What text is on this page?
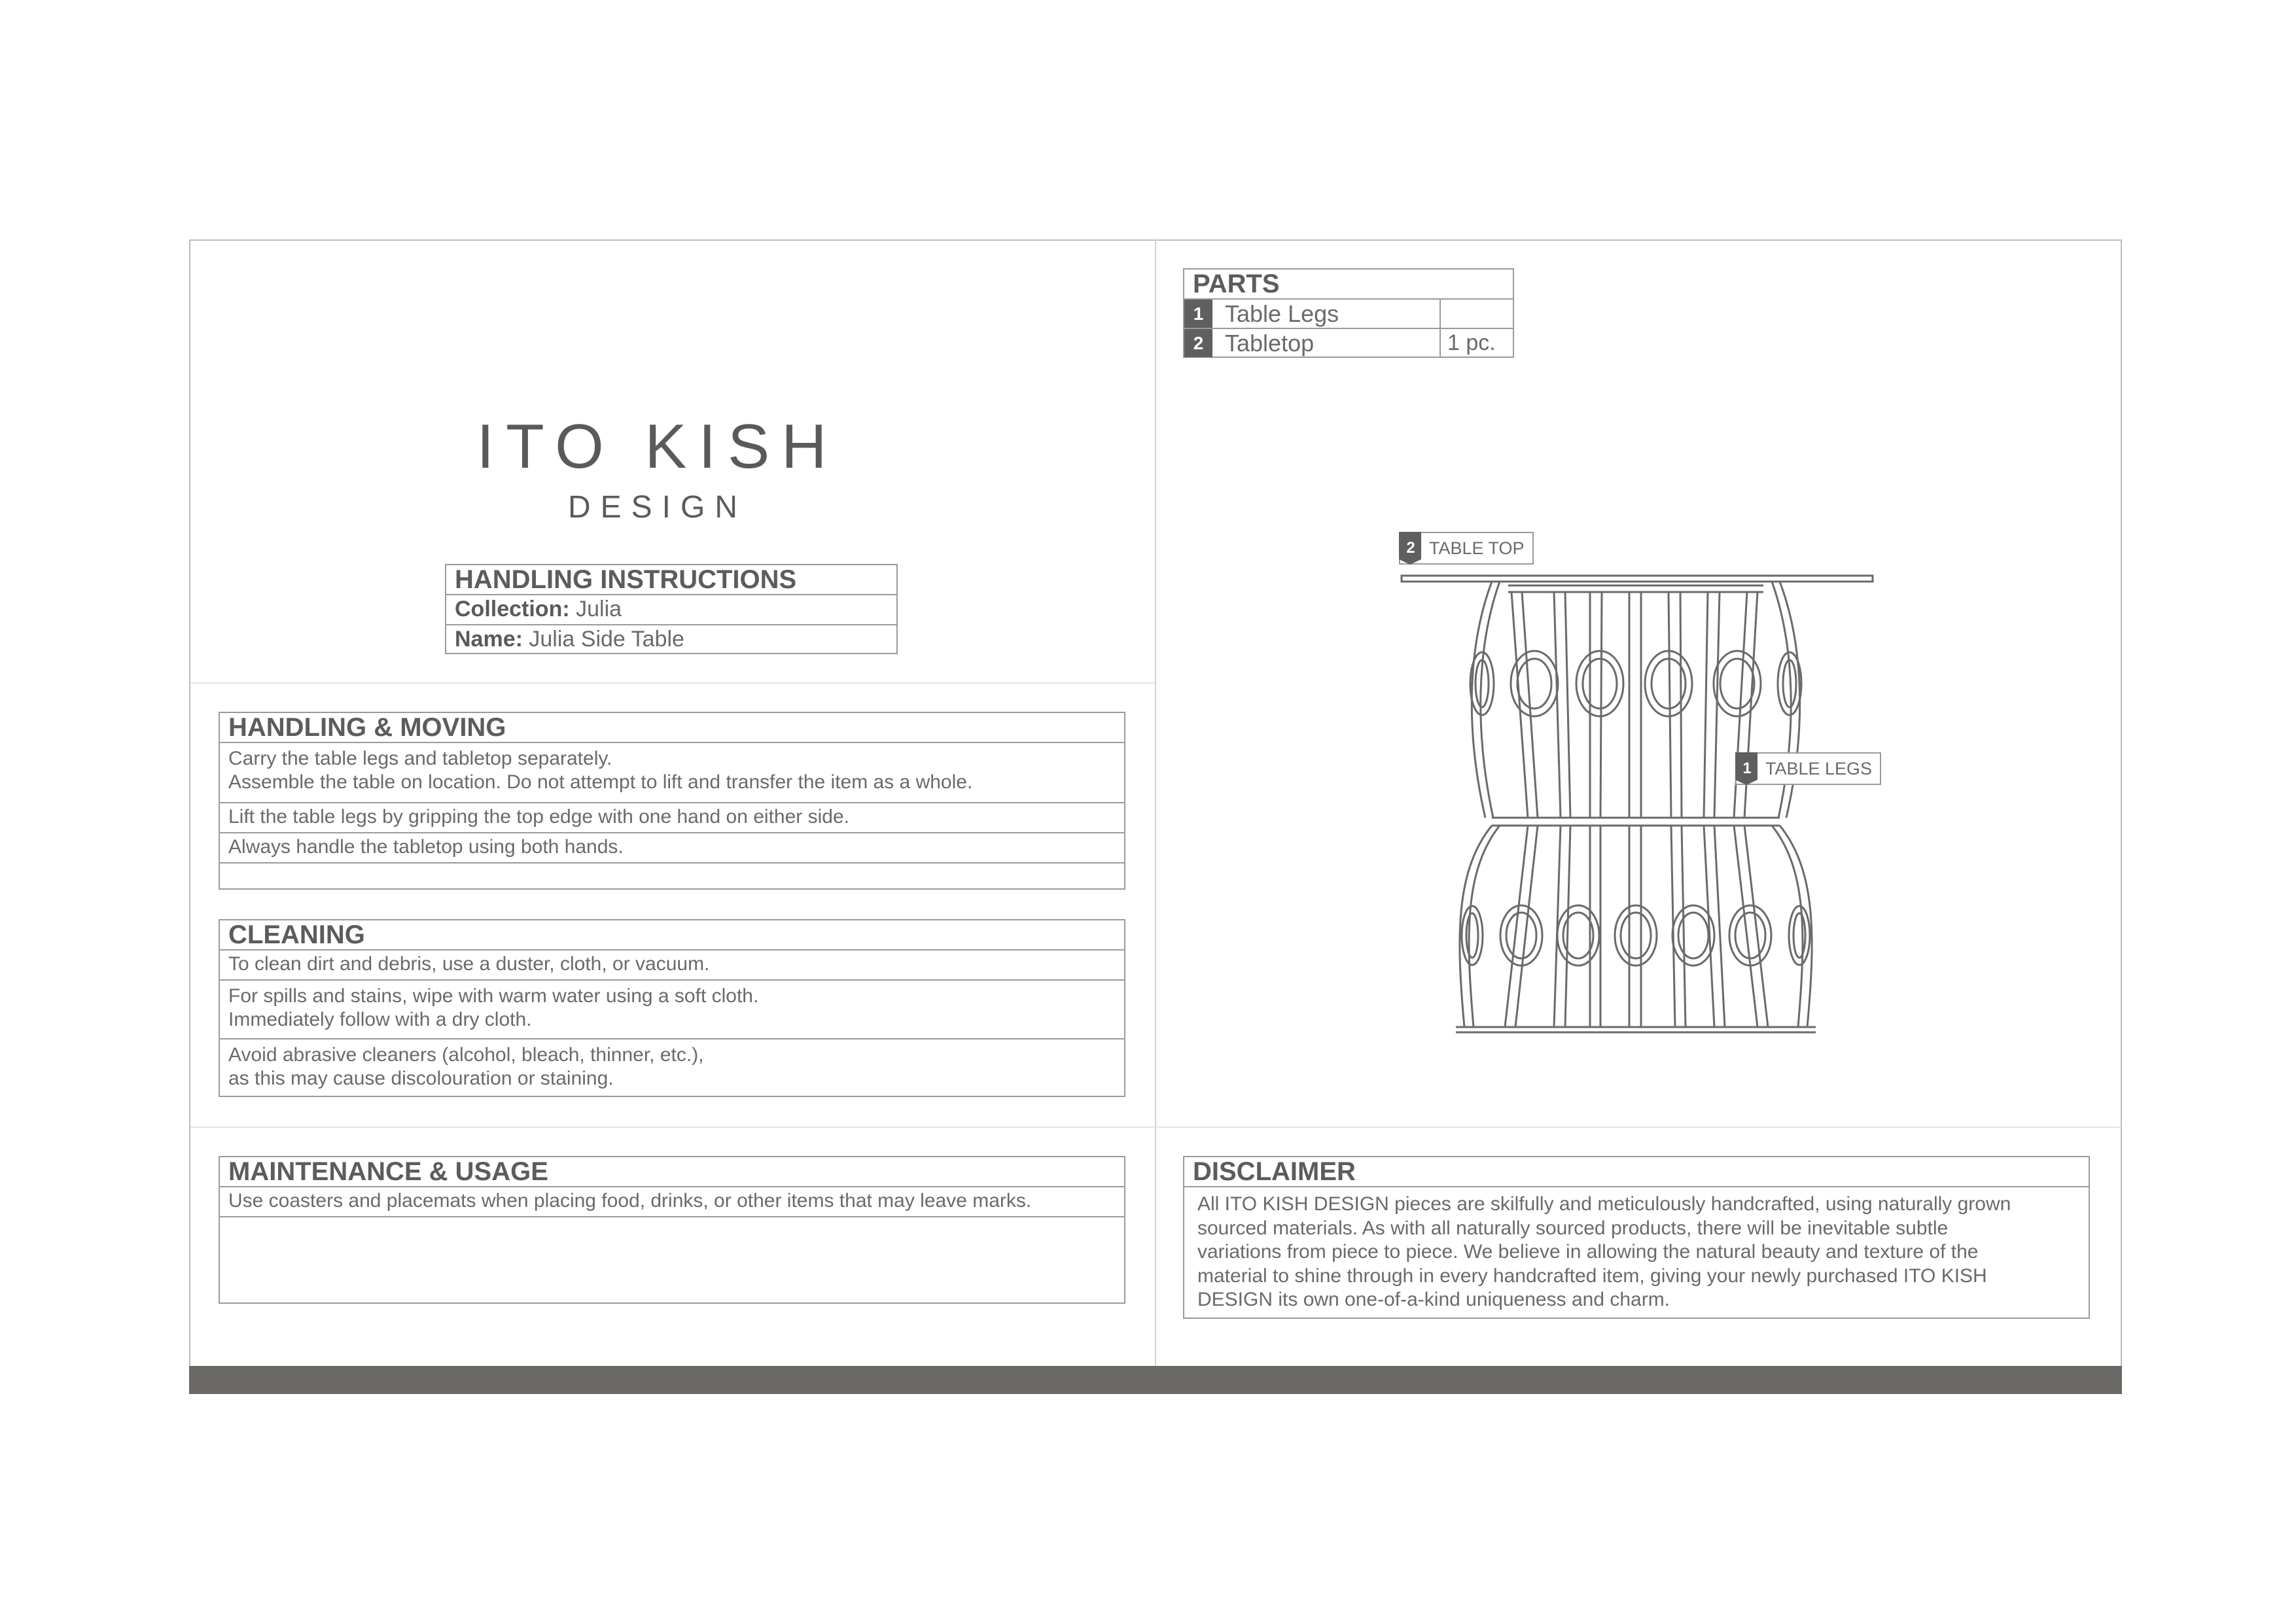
ITO KISH
DESIGN
HANDLING INSTRUCTIONS
Collection: Julia
Name: Julia Side Table
HANDLING & MOVING
Carry the table legs and tabletop separately.
Assemble the table on location. Do not attempt to lift and transfer the item as a whole.
Lift the table legs by gripping the top edge with one hand on either side.
Always handle the tabletop using both hands.
CLEANING
To clean dirt and debris, use a duster, cloth, or vacuum.
For spills and stains, wipe with warm water using a soft cloth.
Immediately follow with a dry cloth.
Avoid abrasive cleaners (alcohol, bleach, thinner, etc.),
as this may cause discolouration or staining.
MAINTENANCE & USAGE
Use coasters and placemats when placing food, drinks, or other items that may leave marks.
PARTS
1 Table Legs
2 Tabletop	1 pc.
2 TABLE TOP
1 TABLE LEGS
DISCLAIMER
All ITO KISH DESIGN pieces are skilfully and meticulously handcrafted, using naturally grown
sourced materials. As with all naturally sourced products, there will be inevitable subtle
variations from piece to piece. We believe in allowing the natural beauty and texture of the
material to shine through in every handcrafted item, giving your newly purchased ITO KISH
DESIGN its own one-of-a-kind uniqueness and charm.
